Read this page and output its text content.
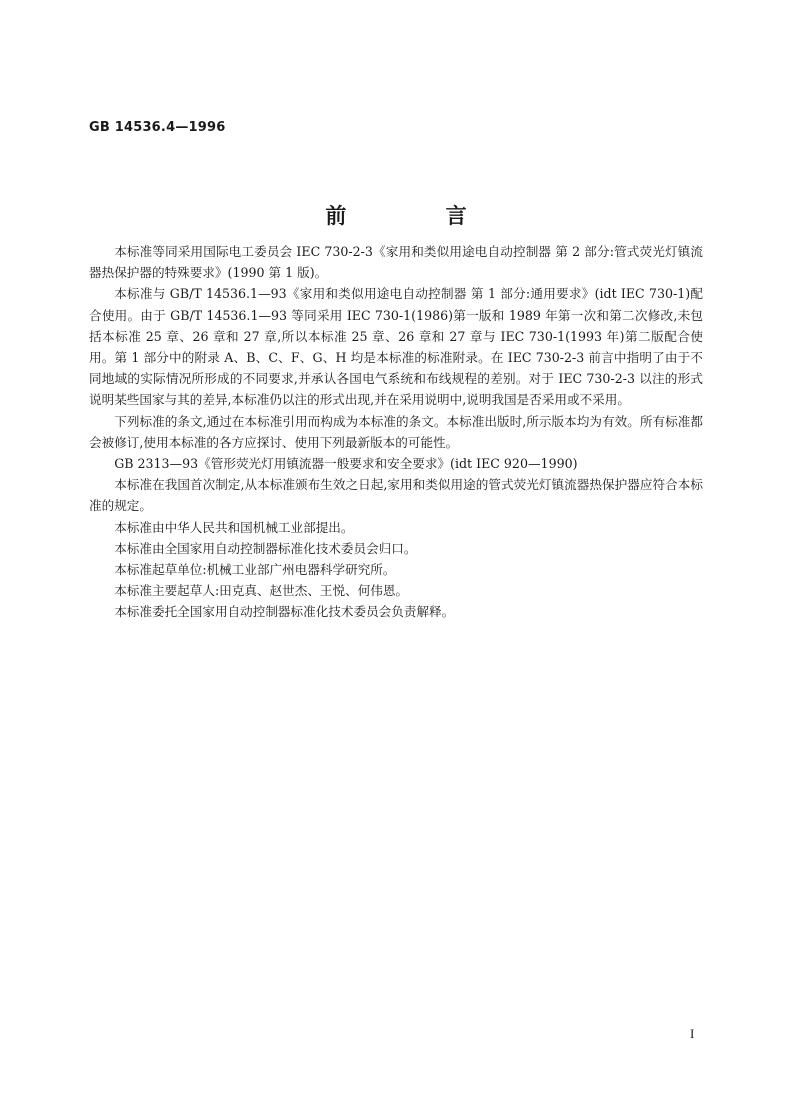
GB 14536.4—1996
前 言

本标准等同采用国际电工委员会 IEC 730-2-3《家用和类似用途电自动控制器 第 2 部分:管式荧光灯镇流器热保护器的特殊要求》(1990 第 1 版)。

本标准与 GB/T 14536.1—93《家用和类似用途电自动控制器 第 1 部分:通用要求》(idt IEC 730-1)配合使用。由于 GB/T 14536.1—93 等同采用 IEC 730-1(1986)第一版和 1989 年第一次和第二次修改,未包括本标准 25 章、26 章和 27 章,所以本标准 25 章、26 章和 27 章与 IEC 730-1(1993 年)第二版配合使用。第 1 部分中的附录 A、B、C、F、G、H 均是本标准的标准附录。在 IEC 730-2-3 前言中指明了由于不同地域的实际情况所形成的不同要求,并承认各国电气系统和布线规程的差别。对于 IEC 730-2-3 以注的形式说明某些国家与其的差异,本标准仍以注的形式出现,并在采用说明中,说明我国是否采用或不采用。

下列标准的条文,通过在本标准引用而构成为本标准的条文。本标准出版时,所示版本均为有效。所有标准都会被修订,使用本标准的各方应探讨、使用下列最新版本的可能性。

GB 2313—93《管形荧光灯用镇流器一般要求和安全要求》(idt IEC 920—1990)

本标准在我国首次制定,从本标准颁布生效之日起,家用和类似用途的管式荧光灯镇流器热保护器应符合本标准的规定。

本标准由中华人民共和国机械工业部提出。

本标准由全国家用自动控制器标准化技术委员会归口。

本标准起草单位:机械工业部广州电器科学研究所。

本标准主要起草人:田克真、赵世杰、王悦、何伟恩。

本标准委托全国家用自动控制器标准化技术委员会负责解释。

I
